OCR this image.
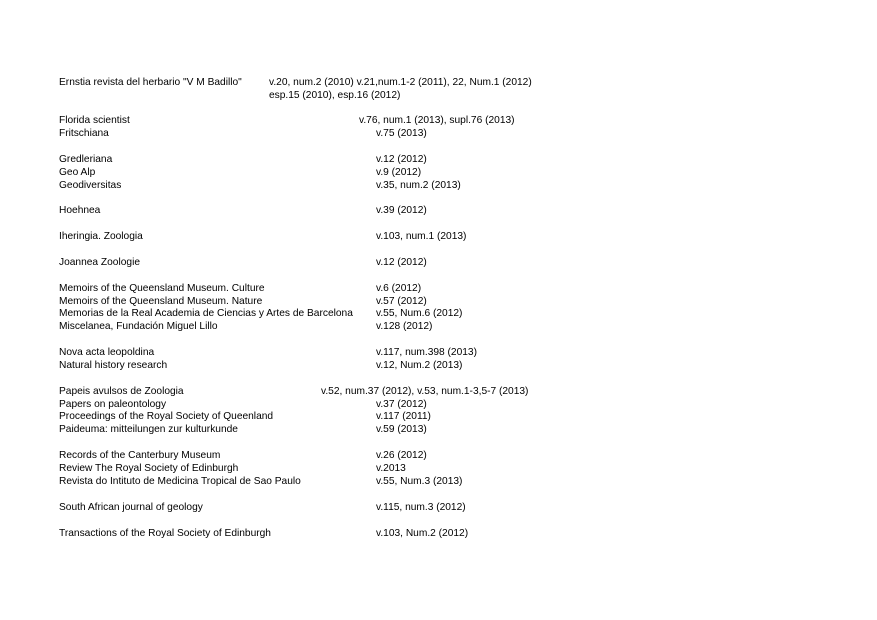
Ernstia revista del herbario "V M Badillo"	v.20, num.2 (2010) v.21,num.1-2 (2011), 22, Num.1 (2012)
esp.15 (2010), esp.16 (2012)
Florida scientist	v.76, num.1 (2013), supl.76 (2013)
Fritschiana	v.75 (2013)
Gredleriana	v.12 (2012)
Geo Alp	v.9 (2012)
Geodiversitas	v.35, num.2 (2013)
Hoehnea	v.39 (2012)
Iheringia. Zoologia	v.103, num.1 (2013)
Joannea Zoologie	v.12 (2012)
Memoirs of the Queensland Museum. Culture	v.6 (2012)
Memoirs of the Queensland Museum. Nature	v.57 (2012)
Memorias de la Real Academia de Ciencias y Artes de Barcelona v.55, Num.6 (2012)
Miscelanea, Fundación Miguel Lillo	v.128 (2012)
Nova acta leopoldina	v.117, num.398 (2013)
Natural history research	v.12, Num.2 (2013)
Papeis avulsos de Zoologia	v.52, num.37 (2012), v.53, num.1-3,5-7 (2013)
Papers on paleontology	v.37 (2012)
Proceedings of the Royal Society of Queenland	v.117 (2011)
Paideuma: mitteilungen zur kulturkunde	v.59 (2013)
Records of the Canterbury Museum	v.26 (2012)
Review The Royal Society of Edinburgh	v.2013
Revista do Intituto de Medicina Tropical de Sao Paulo	v.55, Num.3 (2013)
South African journal of geology	v.115, num.3 (2012)
Transactions of the Royal Society of Edinburgh	v.103, Num.2 (2012)
